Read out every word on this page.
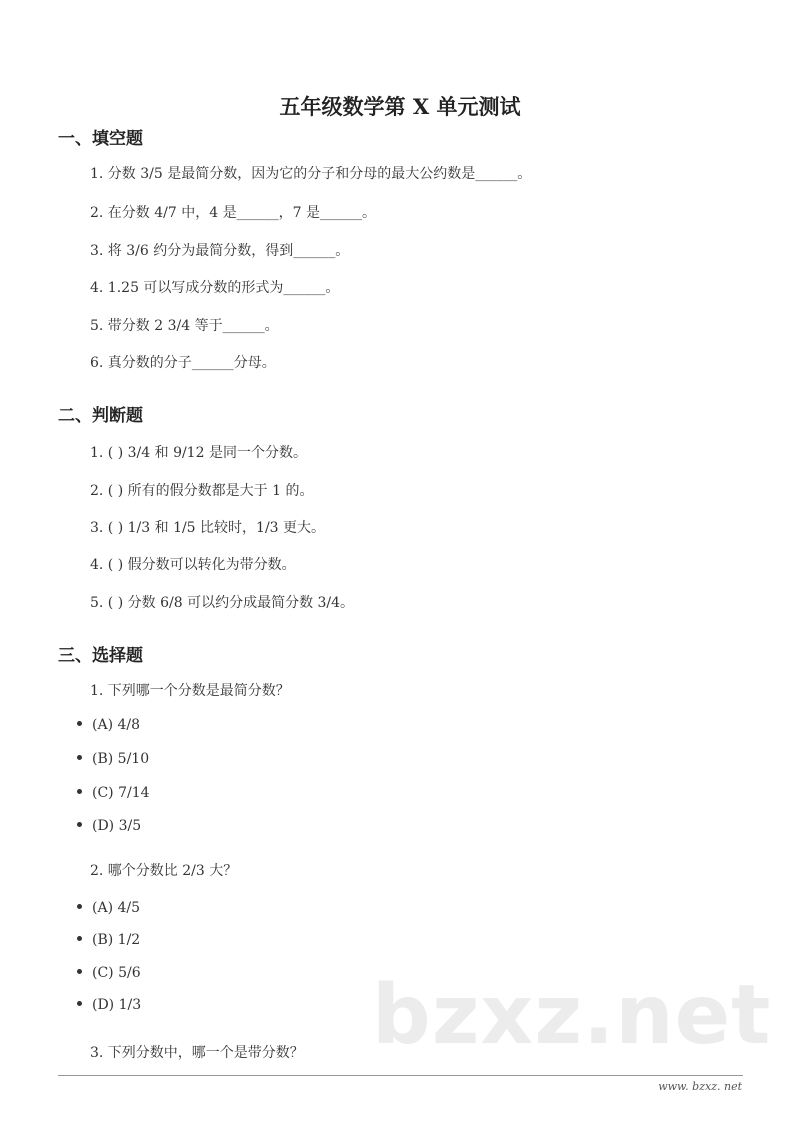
bzxz.net
五年级数学第 X 单元测试
一、填空题
1. 分数 3/5 是最简分数，因为它的分子和分母的最大公约数是______。
2. 在分数 4/7 中，4 是______，7 是______。
3. 将 3/6 约分为最简分数，得到______。
4. 1.25 可以写成分数的形式为______。
5. 带分数 2 3/4 等于______。
6. 真分数的分子______分母。
二、判断题
1. ( ) 3/4 和 9/12 是同一个分数。
2. ( ) 所有的假分数都是大于 1 的。
3. ( ) 1/3 和 1/5 比较时，1/3 更大。
4. ( ) 假分数可以转化为带分数。
5. ( ) 分数 6/8 可以约分成最简分数 3/4。
三、选择题
1. 下列哪一个分数是最简分数？
(A) 4/8
(B) 5/10
(C) 7/14
(D) 3/5
2. 哪个分数比 2/3 大？
(A) 4/5
(B) 1/2
(C) 5/6
(D) 1/3
3. 下列分数中，哪一个是带分数？
www. bzxz. net
